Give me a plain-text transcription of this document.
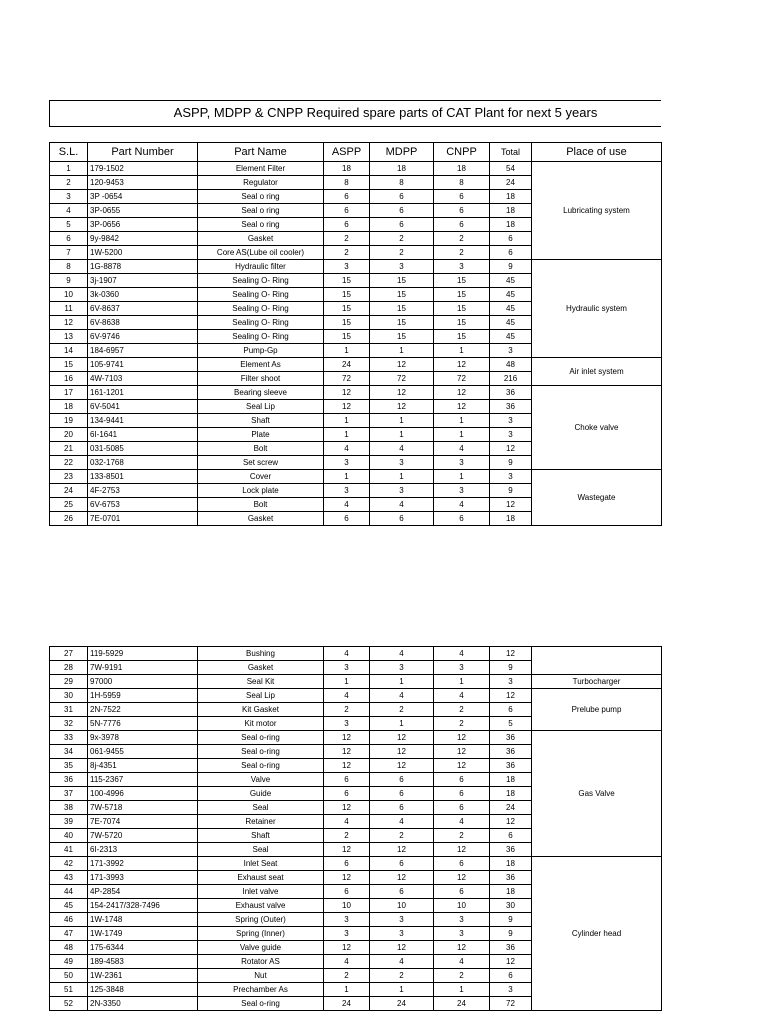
ASPP, MDPP & CNPP Required spare parts of CAT Plant for next 5 years
S.L.	Part Number	Part Name	ASPP	MDPP	CNPP	Total	Place of use
1	179-1502	Element Filter	18	18	18	54	Lubricating system
2	120-9453	Regulator	8	8	8	24	
3	3P -0654	Seal o ring	6	6	6	18	
4	3P-0655	Seal o ring	6	6	6	18	
5	3P-0656	Seal o ring	6	6	6	18	
6	9y-9842	Gasket	2	2	2	6	
7	1W-5200	Core AS(Lube oil cooler)	2	2	2	6	
8	1G-8878	Hydraulic filter	3	3	3	9	Hydraulic system
9	3j-1907	Sealing O- Ring	15	15	15	45	
10	3k-0360	Sealing O- Ring	15	15	15	45	
11	6V-8637	Sealing O- Ring	15	15	15	45	
12	6V-8638	Sealing O- Ring	15	15	15	45	
13	6V-9746	Sealing O- Ring	15	15	15	45	
14	184-6957	Pump-Gp	1	1	1	3	
15	105-9741	Element As	24	12	12	48	Air inlet system
16	4W-7103	Filter shoot	72	72	72	216	
17	161-1201	Bearing sleeve	12	12	12	36	Choke valve
18	6V-5041	Seal Lip	12	12	12	36	
19	134-9441	Shaft	1	1	1	3	
20	6I-1641	Plate	1	1	1	3	
21	031-5085	Bolt	4	4	4	12	
22	032-1768	Set screw	3	3	3	9	
23	133-8501	Cover	1	1	1	3	Wastegate
24	4F-2753	Lock plate	3	3	3	9	
25	6V-6753	Bolt	4	4	4	12	
26	7E-0701	Gasket	6	6	6	18	
27	119-5929	Bushing	4	4	4	12	
28	7W-9191	Gasket	3	3	3	9	
29	97000	Seal Kit	1	1	1	3	Turbocharger
30	1H-5959	Seal Lip	4	4	4	12	Prelube pump
31	2N-7522	Kit Gasket	2	2	2	6	
32	5N-7776	Kit motor	3	1	2	5	
33	9x-3978	Seal o-ring	12	12	12	36	Gas Valve
34	061-9455	Seal o-ring	12	12	12	36	
35	8j-4351	Seal o-ring	12	12	12	36	
36	115-2367	Valve	6	6	6	18	
37	100-4996	Guide	6	6	6	18	
38	7W-5718	Seal	12	6	6	24	
39	7E-7074	Retainer	4	4	4	12	
40	7W-5720	Shaft	2	2	2	6	
41	6I-2313	Seal	12	12	12	36	
42	171-3992	Inlet Seat	6	6	6	18	Cylinder head
43	171-3993	Exhaust seat	12	12	12	36	
44	4P-2854	Inlet valve	6	6	6	18	
45	154-2417/328-7496	Exhaust valve	10	10	10	30	
46	1W-1748	Spring (Outer)	3	3	3	9	
47	1W-1749	Spring (Inner)	3	3	3	9	
48	175-6344	Valve guide	12	12	12	36	
49	189-4583	Rotator AS	4	4	4	12	
50	1W-2361	Nut	2	2	2	6	
51	125-3848	Prechamber As	1	1	1	3	
52	2N-3350	Seal o-ring	24	24	24	72	
